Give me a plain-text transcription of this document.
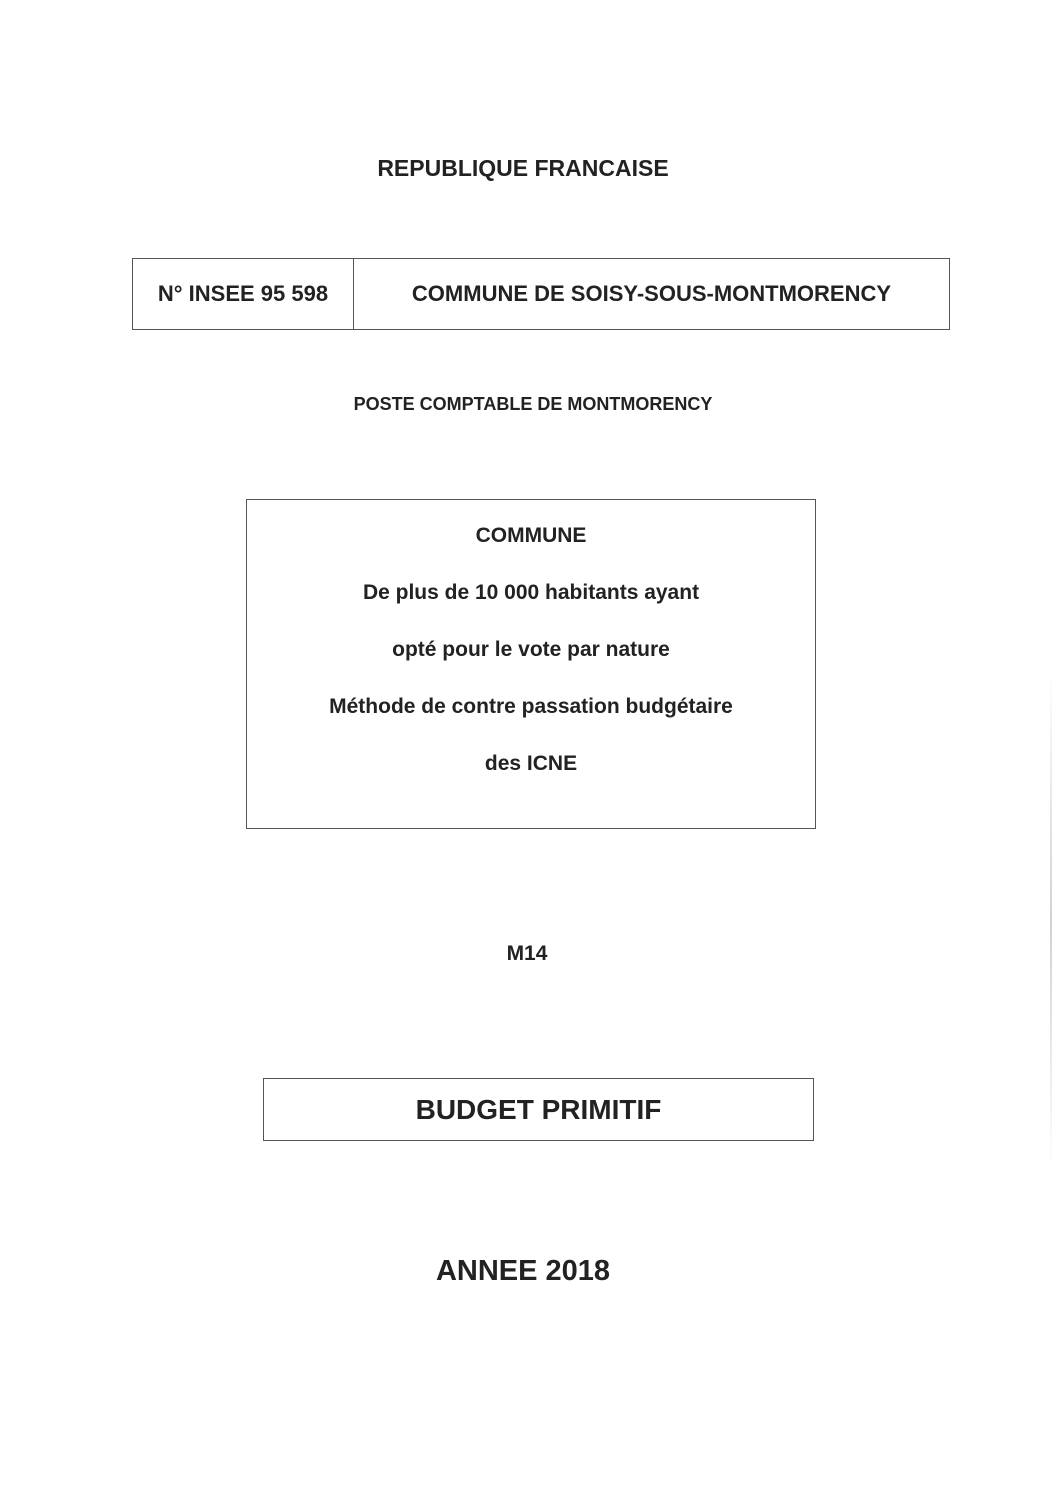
REPUBLIQUE FRANCAISE
N° INSEE 95 598	COMMUNE DE SOISY-SOUS-MONTMORENCY
POSTE COMPTABLE DE MONTMORENCY
COMMUNE
De plus de 10 000 habitants ayant
opté pour le vote par nature
Méthode de contre passation budgétaire
des ICNE
M14
BUDGET PRIMITIF
ANNEE 2018
